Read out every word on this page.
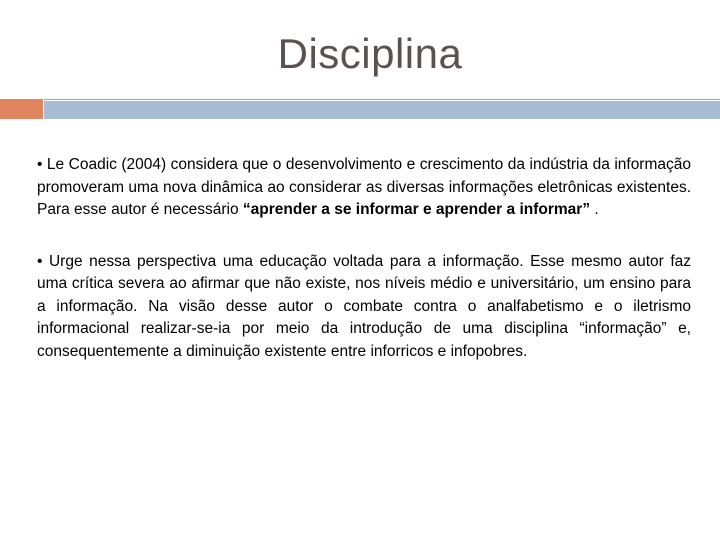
Disciplina

• Le Coadic (2004) considera que o desenvolvimento e crescimento da indústria da informação promoveram uma nova dinâmica ao considerar as diversas informações eletrônicas existentes. Para esse autor é necessário “aprender a se informar e aprender a informar” .

• Urge nessa perspectiva uma educação voltada para a informação. Esse mesmo autor faz uma crítica severa ao afirmar que não existe, nos níveis médio e universitário, um ensino para a informação. Na visão desse autor o combate contra o analfabetismo e o iletrismo informacional realizar-se-ia por meio da introdução de uma disciplina “informação” e, consequentemente a diminuição existente entre inforricos e infopobres.
